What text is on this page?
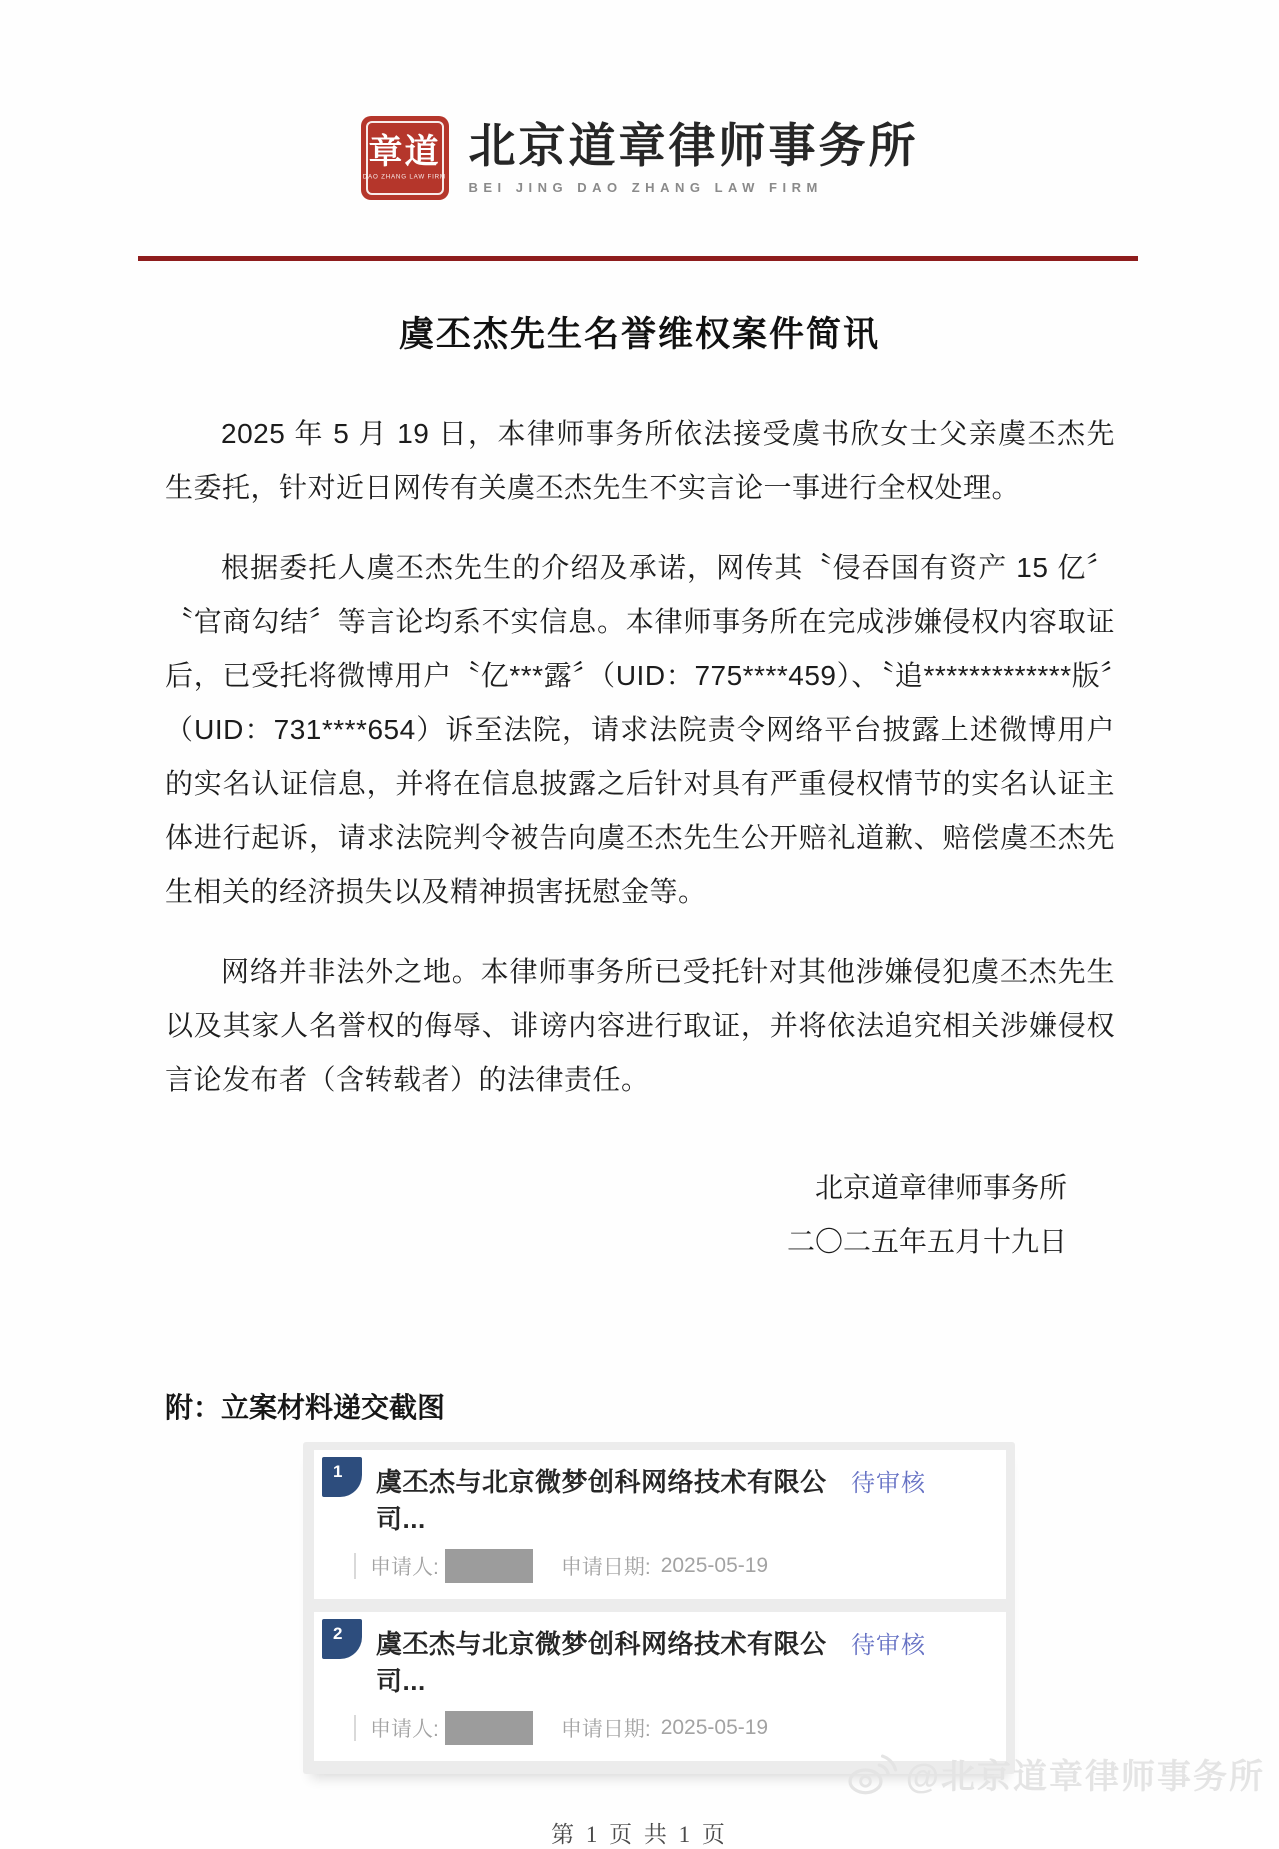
章道
DAO ZHANG LAW FIRM
北京道章律师事务所
BEI JING DAO ZHANG LAW FIRM
虞丕杰先生名誉维权案件简讯

2025 年 5 月 19 日，本律师事务所依法接受虞书欣女士父亲虞丕杰先生委托，针对近日网传有关虞丕杰先生不实言论一事进行全权处理。

根据委托人虞丕杰先生的介绍及承诺，网传其〝侵吞国有资产 15 亿〞〝官商勾结〞等言论均系不实信息。本律师事务所在完成涉嫌侵权内容取证后，已受托将微博用户〝亿***露〞（UID：775****459）、〝追*************版〞（UID：731****654）诉至法院，请求法院责令网络平台披露上述微博用户的实名认证信息，并将在信息披露之后针对具有严重侵权情节的实名认证主体进行起诉，请求法院判令被告向虞丕杰先生公开赔礼道歉、赔偿虞丕杰先生相关的经济损失以及精神损害抚慰金等。

网络并非法外之地。本律师事务所已受托针对其他涉嫌侵犯虞丕杰先生以及其家人名誉权的侮辱、诽谤内容进行取证，并将依法追究相关涉嫌侵权言论发布者（含转载者）的法律责任。

北京道章律师事务所
二〇二五年五月十九日
附：立案材料递交截图
1	虞丕杰与北京微梦创科网络技术有限公司...
待审核
申请人:	申请日期: 2025-05-19
2	虞丕杰与北京微梦创科网络技术有限公司...
待审核
申请人:	申请日期: 2025-05-19
第 1 页 共 1 页
@北京道章律师事务所
